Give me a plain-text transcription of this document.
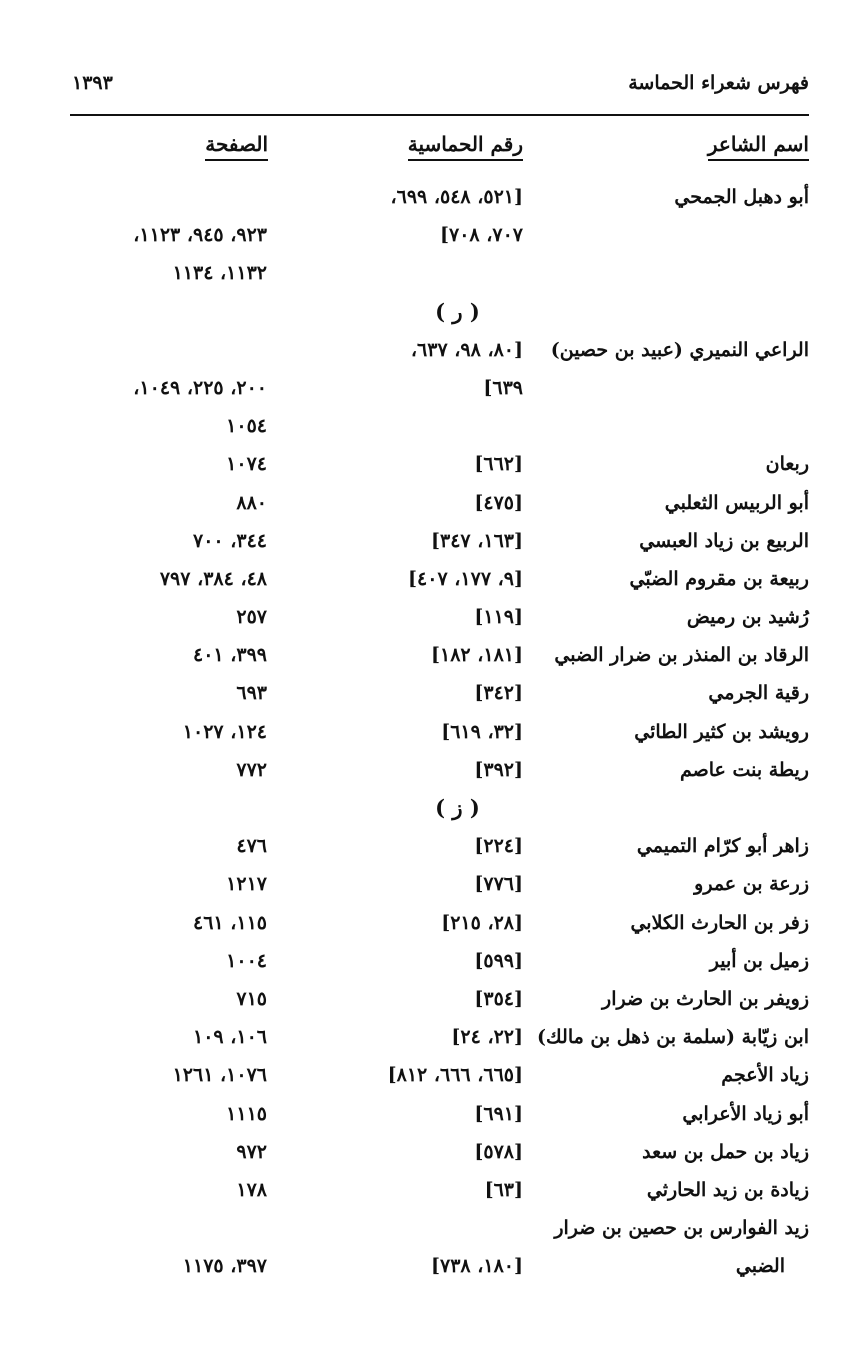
فهرس شعراء الحماسة
١٣٩٣
اسم الشاعر
رقم الحماسية
الصفحة
أبو دهبل الجمحي
[٥٢١، ٥٤٨، ٦٩٩،
٧٠٧، ٧٠٨]
٩٢٣، ٩٤٥، ١١٢٣،
١١٣٢، ١١٣٤
( ر )
الراعي النميري (عبيد بن حصين)
[٨٠، ٩٨، ٦٣٧،
٦٣٩]
٢٠٠، ٢٢٥، ١٠٤٩،
١٠٥٤
ربعان
[٦٦٢]
١٠٧٤
أبو الربيس الثعلبي
[٤٧٥]
٨٨٠
الربيع بن زياد العبسي
[١٦٣، ٣٤٧]
٣٤٤، ٧٠٠
ربيعة بن مقروم الضبّي
[٩، ١٧٧، ٤٠٧]
٤٨، ٣٨٤، ٧٩٧
رُشيد بن رميض
[١١٩]
٢٥٧
الرقاد بن المنذر بن ضرار الضبي
[١٨١، ١٨٢]
٣٩٩، ٤٠١
رقية الجرمي
[٣٤٢]
٦٩٣
رويشد بن كثير الطائي
[٣٢، ٦١٩]
١٢٤، ١٠٢٧
ريطة بنت عاصم
[٣٩٢]
٧٧٢
( ز )
زاهر أبو كرّام التميمي
[٢٢٤]
٤٧٦
زرعة بن عمرو
[٧٧٦]
١٢١٧
زفر بن الحارث الكلابي
[٢٨، ٢١٥]
١١٥، ٤٦١
زميل بن أبير
[٥٩٩]
١٠٠٤
زويفر بن الحارث بن ضرار
[٣٥٤]
٧١٥
ابن زيّابة (سلمة بن ذهل بن مالك)
[٢٢، ٢٤]
١٠٦، ١٠٩
زياد الأعجم
[٦٦٥، ٦٦٦، ٨١٢]
١٠٧٦، ١٢٦١
أبو زياد الأعرابي
[٦٩١]
١١١٥
زياد بن حمل بن سعد
[٥٧٨]
٩٧٢
زيادة بن زيد الحارثي
[٦٣]
١٧٨
زيد الفوارس بن حصين بن ضرار
الضبي
[١٨٠، ٧٣٨]
٣٩٧، ١١٧٥
